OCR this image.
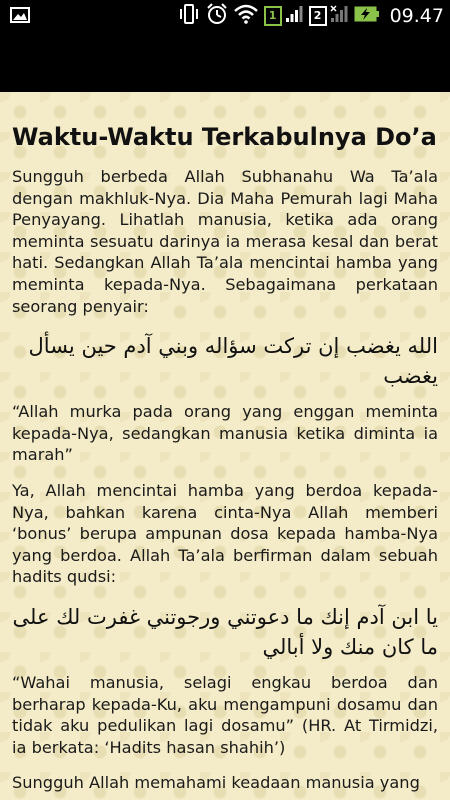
1	2	09.47
Waktu-Waktu Terkabulnya Do’a

Sungguh berbeda Allah Subhanahu Wa Ta’ala dengan makhluk-Nya. Dia Maha Pemurah lagi Maha Penyayang. Lihatlah manusia, ketika ada orang meminta sesuatu darinya ia merasa kesal dan berat hati. Sedangkan Allah Ta’ala mencintai hamba yang meminta kepada-Nya. Sebagaimana perkataan seorang penyair:

الله يغضب إن تركت سؤاله وبني آدم حين يسأل يغضب

“Allah murka pada orang yang enggan meminta kepada-Nya, sedangkan manusia ketika diminta ia marah”

Ya, Allah mencintai hamba yang berdoa kepada-Nya, bahkan karena cinta-Nya Allah memberi ‘bonus’ berupa ampunan dosa kepada hamba-Nya yang berdoa. Allah Ta’ala berfirman dalam sebuah hadits qudsi:

يا ابن آدم إنك ما دعوتني ورجوتني غفرت لك على ما كان منك ولا أبالي

“Wahai manusia, selagi engkau berdoa dan berharap kepada-Ku, aku mengampuni dosamu dan tidak aku pedulikan lagi dosamu” (HR. At Tirmidzi, ia berkata: ‘Hadits hasan shahih’)

Sungguh Allah memahami keadaan manusia yang
